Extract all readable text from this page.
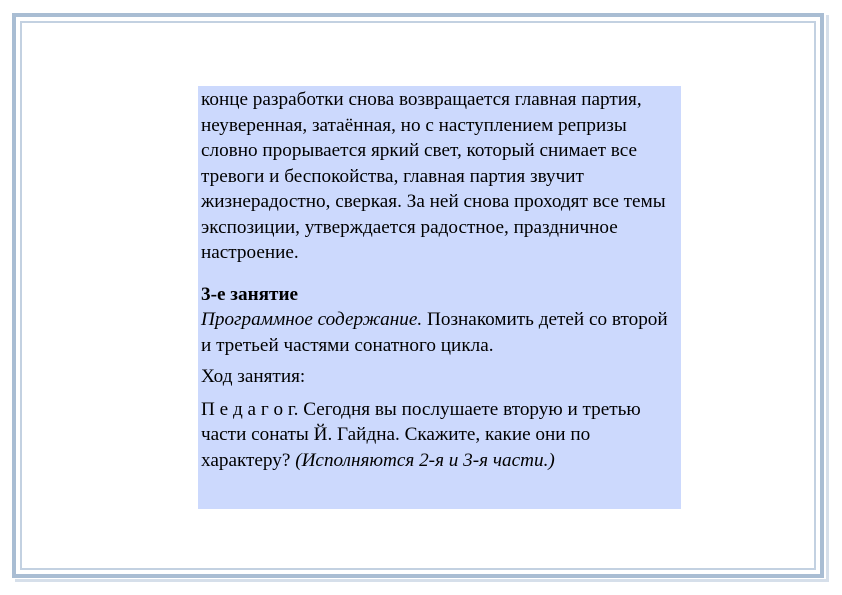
конце разработки снова возвращается главная партия, неуверенная, затаённая, но с наступлением репризы словно прорывается яркий свет, который снимает все тревоги и беспокойства, главная партия звучит жизнерадостно, сверкая. За ней снова проходят все темы экспозиции, утверждается радостное, праздничное настроение.

3-е занятие

Программное содержание. Познакомить детей со второй и третьей частями сонатного цикла.

Ход занятия:

П е д а г о г. Сегодня вы послушаете вторую и третью части сонаты Й. Гайдна. Скажите, какие они по характеру? (Исполняются 2-я и 3-я части.)
